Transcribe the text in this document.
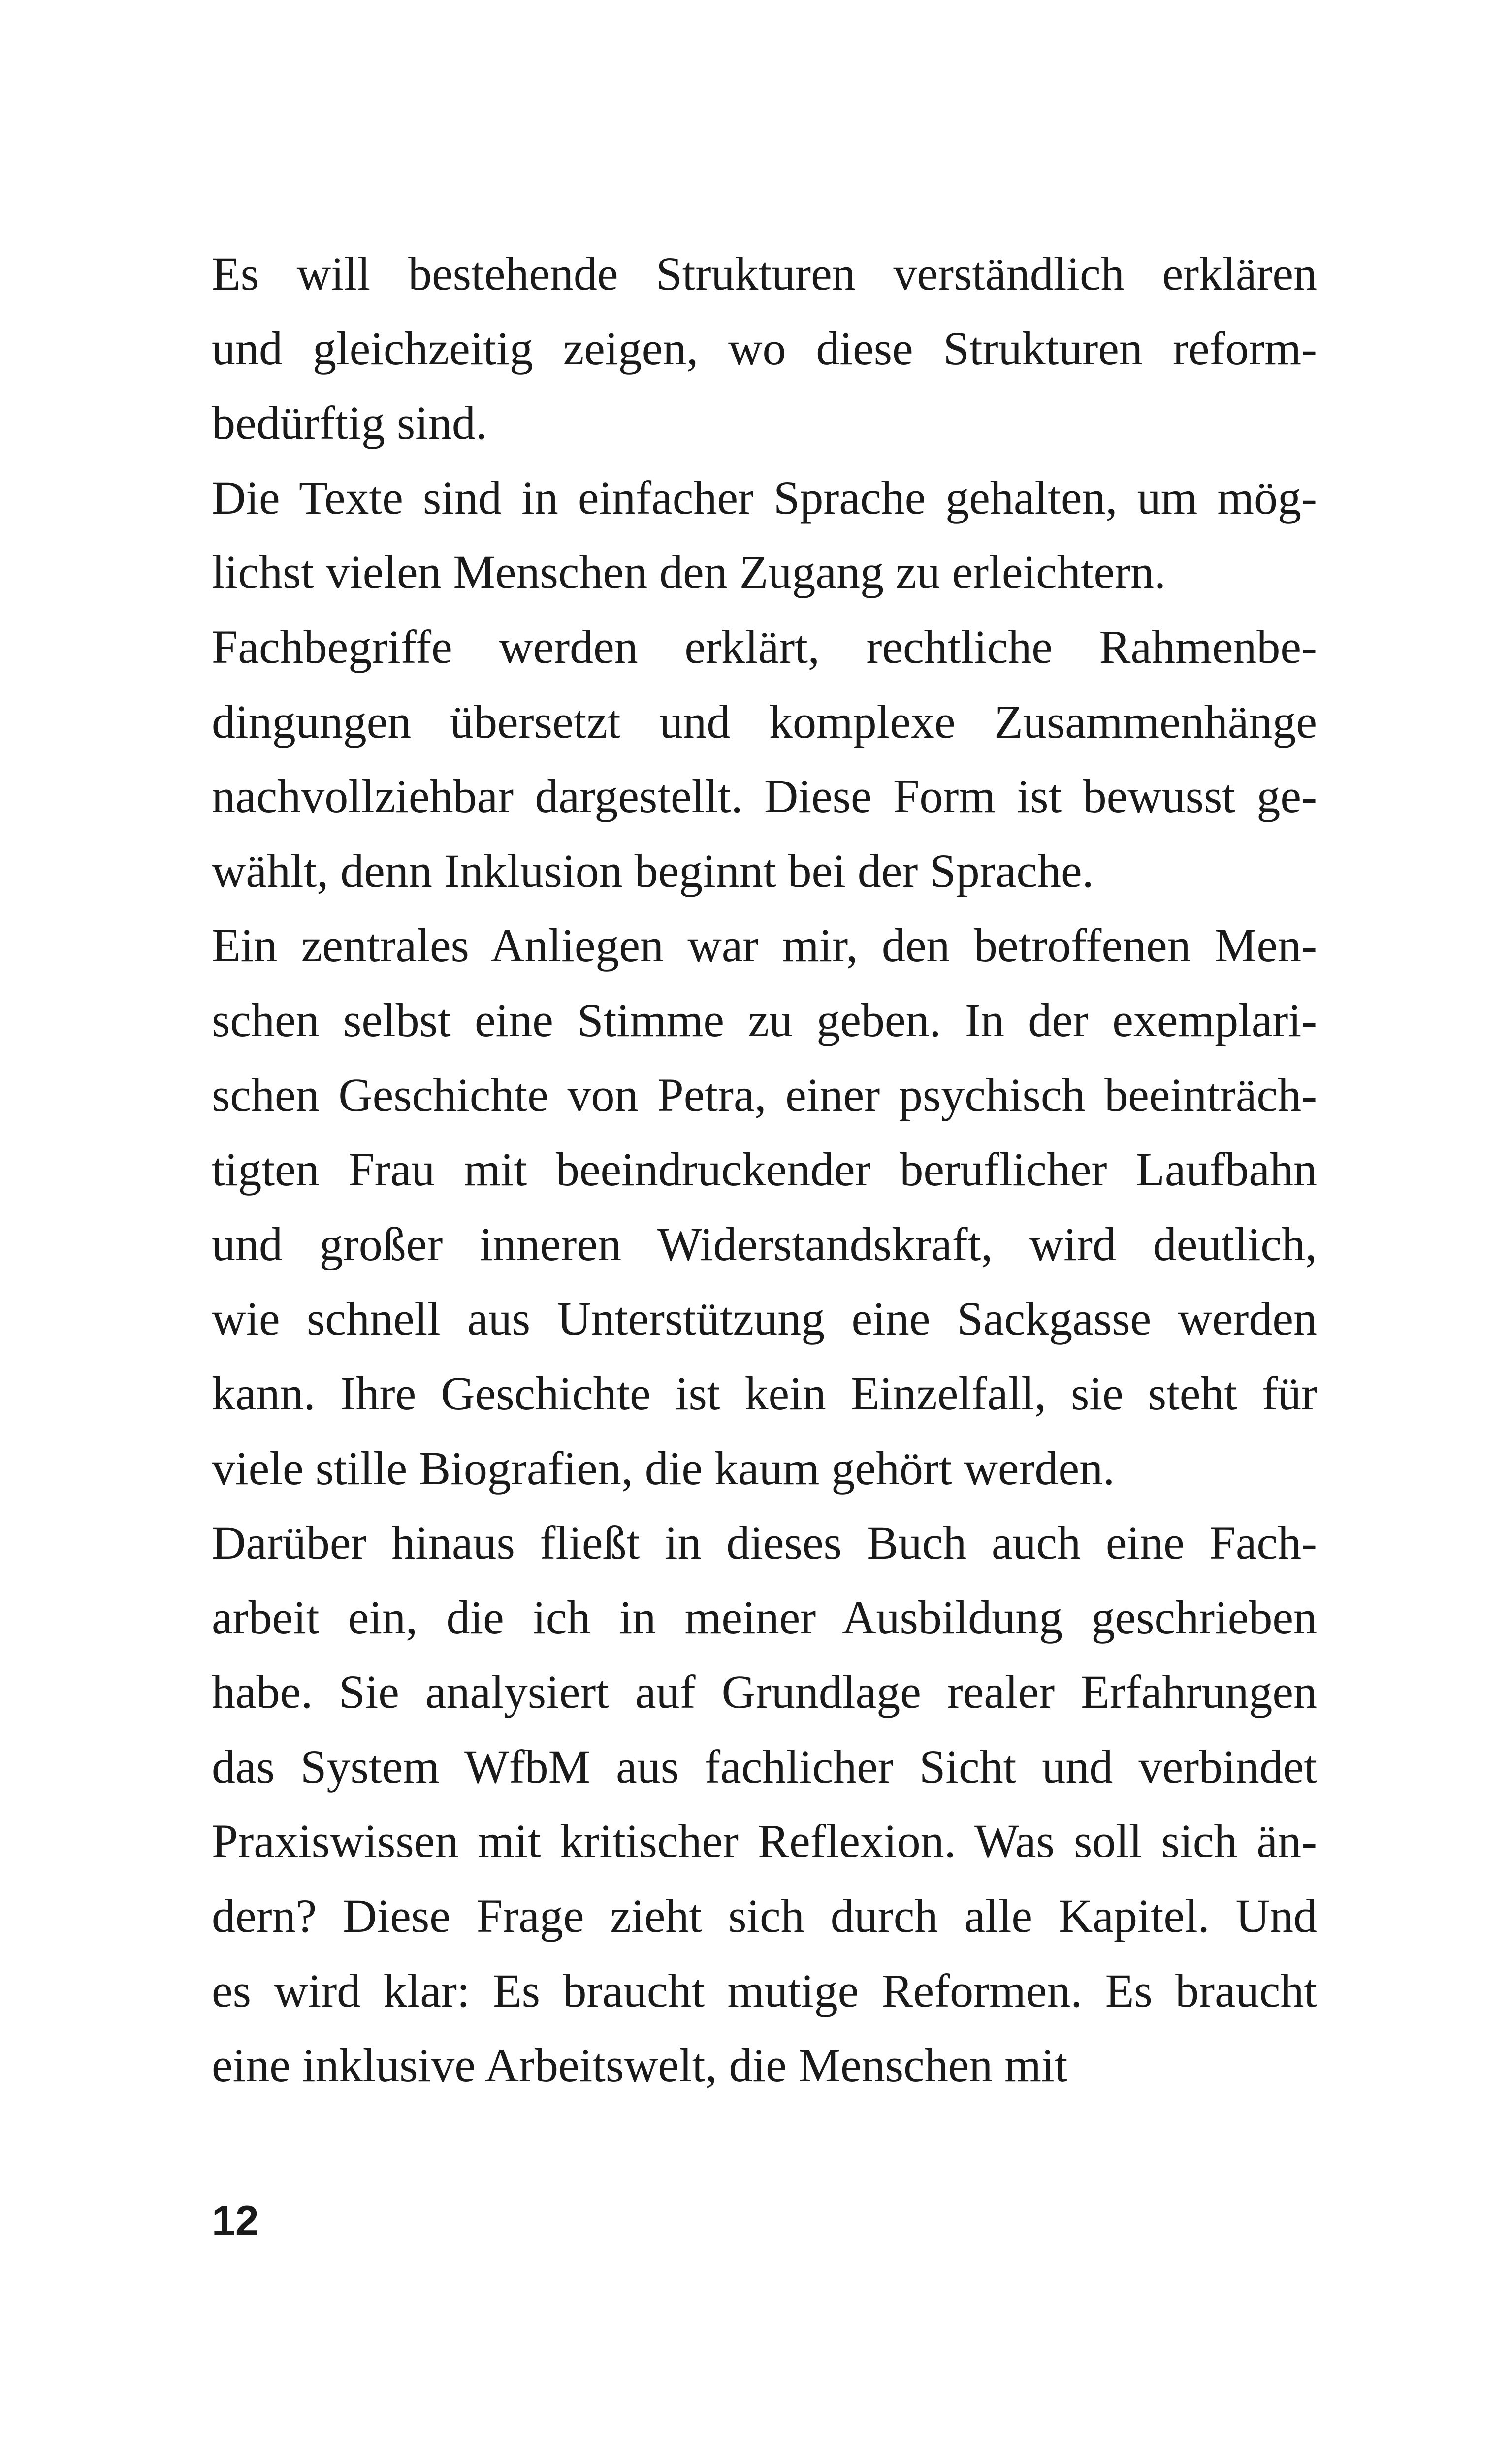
Es will bestehende Strukturen verständlich erklären
und gleichzeitig zeigen, wo diese Strukturen reform-
bedürftig sind.
Die Texte sind in einfacher Sprache gehalten, um mög-
lichst vielen Menschen den Zugang zu erleichtern.
Fachbegriffe werden erklärt, rechtliche Rahmenbe-
dingungen übersetzt und komplexe Zusammenhänge
nachvollziehbar dargestellt. Diese Form ist bewusst ge-
wählt, denn Inklusion beginnt bei der Sprache.
Ein zentrales Anliegen war mir, den betroffenen Men-
schen selbst eine Stimme zu geben. In der exemplari-
schen Geschichte von Petra, einer psychisch beeinträch-
tigten Frau mit beeindruckender beruflicher Laufbahn
und großer inneren Widerstandskraft, wird deutlich,
wie schnell aus Unterstützung eine Sackgasse werden
kann. Ihre Geschichte ist kein Einzelfall, sie steht für
viele stille Biografien, die kaum gehört werden.
Darüber hinaus fließt in dieses Buch auch eine Fach-
arbeit ein, die ich in meiner Ausbildung geschrieben
habe. Sie analysiert auf Grundlage realer Erfahrungen
das System WfbM aus fachlicher Sicht und verbindet
Praxiswissen mit kritischer Reflexion. Was soll sich än-
dern? Diese Frage zieht sich durch alle Kapitel. Und
es wird klar: Es braucht mutige Reformen. Es braucht
eine inklusive Arbeitswelt, die Menschen mit
12
